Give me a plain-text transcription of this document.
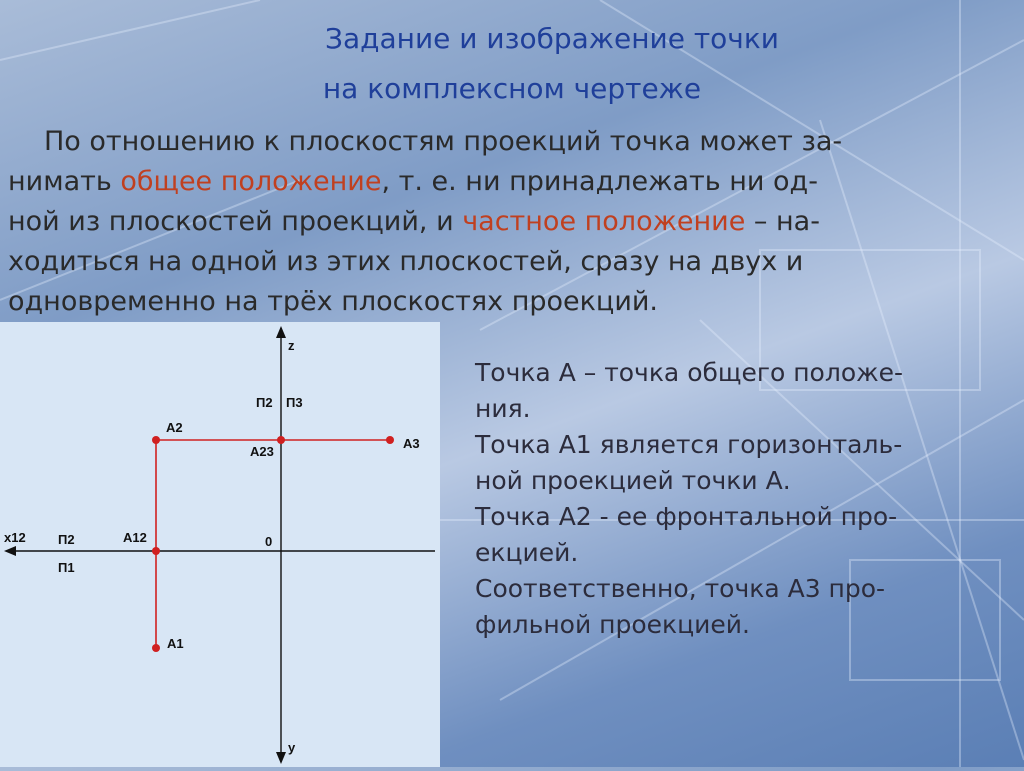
Задание и изображение точки
на комплексном чертеже
По отношению к плоскостям проекций точка может за-
нимать общее положение, т. е. ни принадлежать ни од-
ной из плоскостей проекций, и частное положение – на-
ходиться на одной из этих плоскостей, сразу на двух и
одновременно на трёх плоскостях проекций.
z
y
x12	0
П2 П3
П2
П1
A2
A23
A3
A12
A1
Точка А – точка общего положе-
ния.
Точка А1 является горизонталь-
ной проекцией точки А.
Точка А2 - ее фронтальной про-
екцией.
Соответственно, точка А3 про-
фильной проекцией.
